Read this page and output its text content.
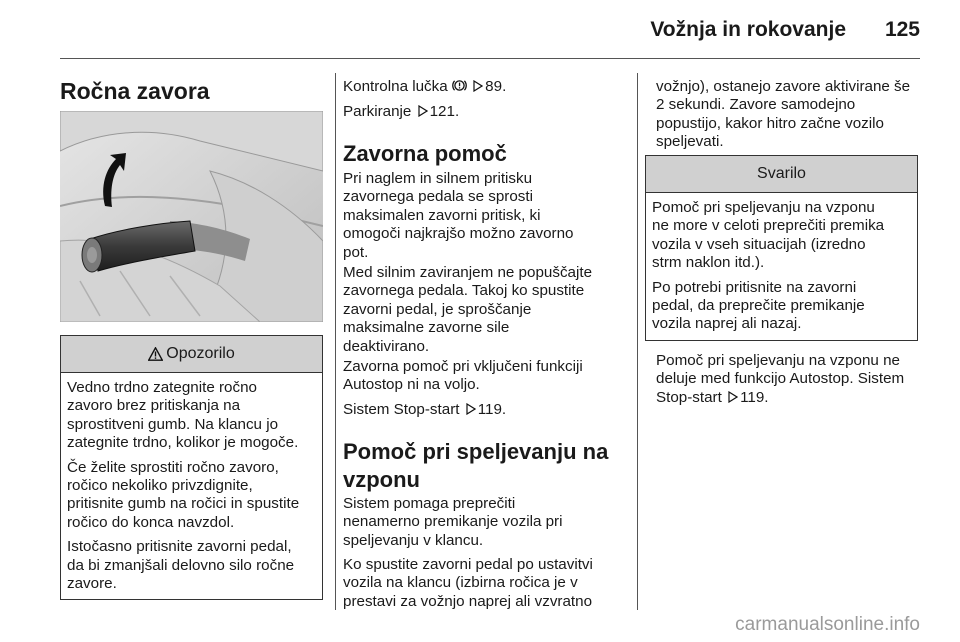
Vožnja in rokovanje 125
Ročna zavora
Opozorilo

Vedno trdno zategnite ročno
zavoro brez pritiskanja na
sprostitveni gumb. Na klancu jo
zategnite trdno, kolikor je mogoče.

Če želite sprostiti ročno zavoro,
ročico nekoliko privzdignite,
pritisnite gumb na ročici in spustite
ročico do konca navzdol.

Istočasno pritisnite zavorni pedal,
da bi zmanjšali delovno silo ročne
zavore.

Kontrolna lučka 89.

Parkiranje 121.

Zavorna pomoč

Pri naglem in silnem pritisku
zavornega pedala se sprosti
maksimalen zavorni pritisk, ki
omogoči najkrajšo možno zavorno
pot.

Med silnim zaviranjem ne popuščajte
zavornega pedala. Takoj ko spustite
zavorni pedal, je sproščanje
maksimalne zavorne sile
deaktivirano.

Zavorna pomoč pri vključeni funkciji
Autostop ni na voljo.

Sistem Stop-start 119.

Pomoč pri speljevanju na
vzponu

Sistem pomaga preprečiti
nenamerno premikanje vozila pri
speljevanju v klancu.

Ko spustite zavorni pedal po ustavitvi
vozila na klancu (izbirna ročica je v
prestavi za vožnjo naprej ali vzvratno

vožnjo), ostanejo zavore aktivirane še
2 sekundi. Zavore samodejno
popustijo, kakor hitro začne vozilo
speljevati.

Svarilo

Pomoč pri speljevanju na vzponu
ne more v celoti preprečiti premika
vozila v vseh situacijah (izredno
strm naklon itd.).

Po potrebi pritisnite na zavorni
pedal, da preprečite premikanje
vozila naprej ali nazaj.

Pomoč pri speljevanju na vzponu ne
deluje med funkcijo Autostop. Sistem
Stop-start 119.

carmanualsonline.info
